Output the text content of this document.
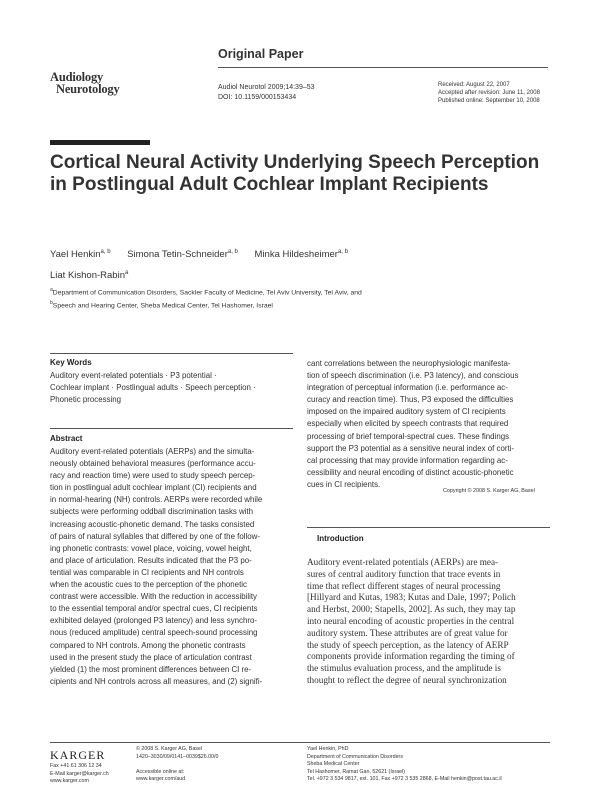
Audiology
Neurotology
Original Paper
Audiol Neurotol 2009;14:39–53
DOI: 10.1159/000153434
Received: August 22, 2007
Accepted after revision: June 11, 2008
Published online: September 10, 2008
Cortical Neural Activity Underlying Speech Perception in Postlingual Adult Cochlear Implant Recipients
Yael Henkin$^{a, b}$ Simona Tetin-Schneider$^{a, b}$ Minka Hildesheimer$^{a, b}$
Liat Kishon-Rabin$^a$
$^a$Department of Communication Disorders, Sackler Faculty of Medicine, Tel Aviv University, Tel Aviv, and
$^b$Speech and Hearing Center, Sheba Medical Center, Tel Hashomer, Israel
Key Words
Auditory event-related potentials · P3 potential ·
Cochlear implant · Postlingual adults · Speech perception ·
Phonetic processing
Abstract
Auditory event-related potentials (AERPs) and the simulta-
neously obtained behavioral measures (performance accu-
racy and reaction time) were used to study speech percep-
tion in postlingual adult cochlear implant (CI) recipients and
in normal-hearing (NH) controls. AERPs were recorded while
subjects were performing oddball discrimination tasks with
increasing acoustic-phonetic demand. The tasks consisted
of pairs of natural syllables that differed by one of the follow-
ing phonetic contrasts: vowel place, voicing, vowel height,
and place of articulation. Results indicated that the P3 po-
tential was comparable in CI recipients and NH controls
when the acoustic cues to the perception of the phonetic
contrast were accessible. With the reduction in accessibility
to the essential temporal and/or spectral cues, CI recipients
exhibited delayed (prolonged P3 latency) and less synchro-
nous (reduced amplitude) central speech-sound processing
compared to NH controls. Among the phonetic contrasts
used in the present study the place of articulation contrast
yielded (1) the most prominent differences between CI re-
cipients and NH controls across all measures, and (2) signifi-
cant correlations between the neurophysiologic manifesta-
tion of speech discrimination (i.e. P3 latency), and conscious
integration of perceptual information (i.e. performance ac-
curacy and reaction time). Thus, P3 exposed the difficulties
imposed on the impaired auditory system of CI recipients
especially when elicited by speech contrasts that required
processing of brief temporal-spectral cues. These findings
support the P3 potential as a sensitive neural index of corti-
cal processing that may provide information regarding ac-
cessibility and neural encoding of distinct acoustic-phonetic
cues in CI recipients.
Copyright © 2008 S. Karger AG, Basel
Introduction
Auditory event-related potentials (AERPs) are mea-
sures of central auditory function that trace events in
time that reflect different stages of neural processing
[Hillyard and Kutas, 1983; Kutas and Dale, 1997; Polich
and Herbst, 2000; Stapells, 2002]. As such, they may tap
into neural encoding of acoustic properties in the central
auditory system. These attributes are of great value for
the study of speech perception, as the latency of AERP
components provide information regarding the timing of
the stimulus evaluation process, and the amplitude is
thought to reflect the degree of neural synchronization
KARGER
Fax +41 61 306 12 34
E-Mail karger@karger.ch
www.karger.com
© 2008 S. Karger AG, Basel
1420–3030/09/0141–0039$26.00/0
Accessible online at:
www.karger.com/aud
Yael Henkin, PhD
Department of Communication Disorders
Sheba Medical Center
Tel Hashomer, Ramat Gan, 52621 (Israel)
Tel. +972 3 534 9817, ext. 101, Fax +972 3 535 2868, E-Mail henkin@post.tau.ac.il
